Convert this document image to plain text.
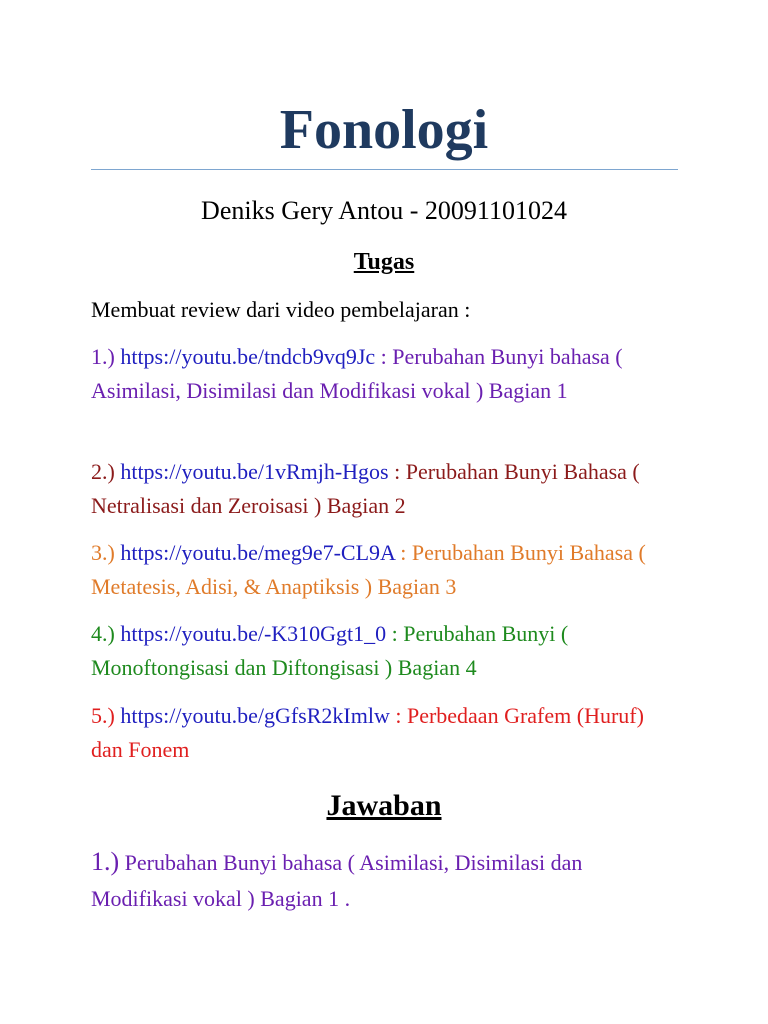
Fonologi
Deniks Gery Antou - 20091101024
Tugas
Membuat review dari video pembelajaran :
1.) https://youtu.be/tndcb9vq9Jc : Perubahan Bunyi bahasa ( Asimilasi, Disimilasi dan Modifikasi vokal ) Bagian 1
2.) https://youtu.be/1vRmjh-Hgos : Perubahan Bunyi Bahasa ( Netralisasi dan Zeroisasi ) Bagian 2
3.) https://youtu.be/meg9e7-CL9A : Perubahan Bunyi Bahasa ( Metatesis, Adisi, & Anaptiksis ) Bagian 3
4.) https://youtu.be/-K310Ggt1_0 : Perubahan Bunyi ( Monoftongisasi dan Diftongisasi ) Bagian 4
5.) https://youtu.be/gGfsR2kImlw : Perbedaan Grafem (Huruf) dan Fonem
Jawaban
1.) Perubahan Bunyi bahasa ( Asimilasi, Disimilasi dan Modifikasi vokal ) Bagian 1 .
